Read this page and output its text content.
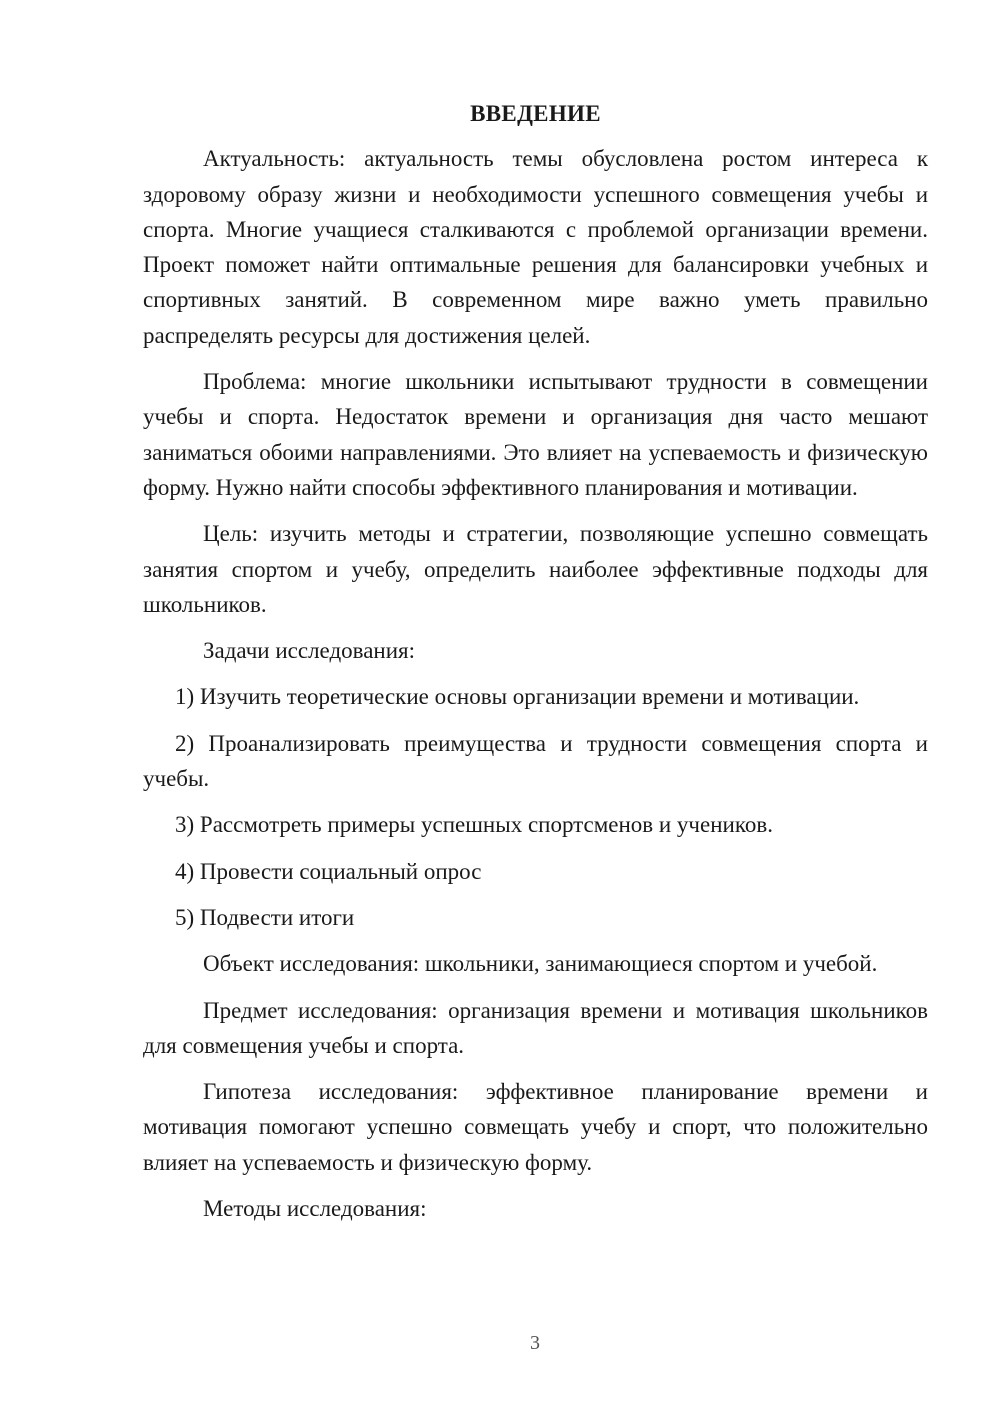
ВВЕДЕНИЕ

Актуальность: актуальность темы обусловлена ростом интереса к здоровому образу жизни и необходимости успешного совмещения учебы и спорта. Многие учащиеся сталкиваются с проблемой организации времени. Проект поможет найти оптимальные решения для балансировки учебных и спортивных занятий. В современном мире важно уметь правильно распределять ресурсы для достижения целей.

Проблема: многие школьники испытывают трудности в совмещении учебы и спорта. Недостаток времени и организация дня часто мешают заниматься обоими направлениями. Это влияет на успеваемость и физическую форму. Нужно найти способы эффективного планирования и мотивации.

Цель: изучить методы и стратегии, позволяющие успешно совмещать занятия спортом и учебу, определить наиболее эффективные подходы для школьников.

Задачи исследования:

1) Изучить теоретические основы организации времени и мотивации.

2) Проанализировать преимущества и трудности совмещения спорта и учебы.

3) Рассмотреть примеры успешных спортсменов и учеников.

4) Провести социальный опрос

5) Подвести итоги

Объект исследования: школьники, занимающиеся спортом и учебой.

Предмет исследования: организация времени и мотивация школьников для совмещения учебы и спорта.

Гипотеза исследования: эффективное планирование времени и мотивация помогают успешно совмещать учебу и спорт, что положительно влияет на успеваемость и физическую форму.

Методы исследования:

3
